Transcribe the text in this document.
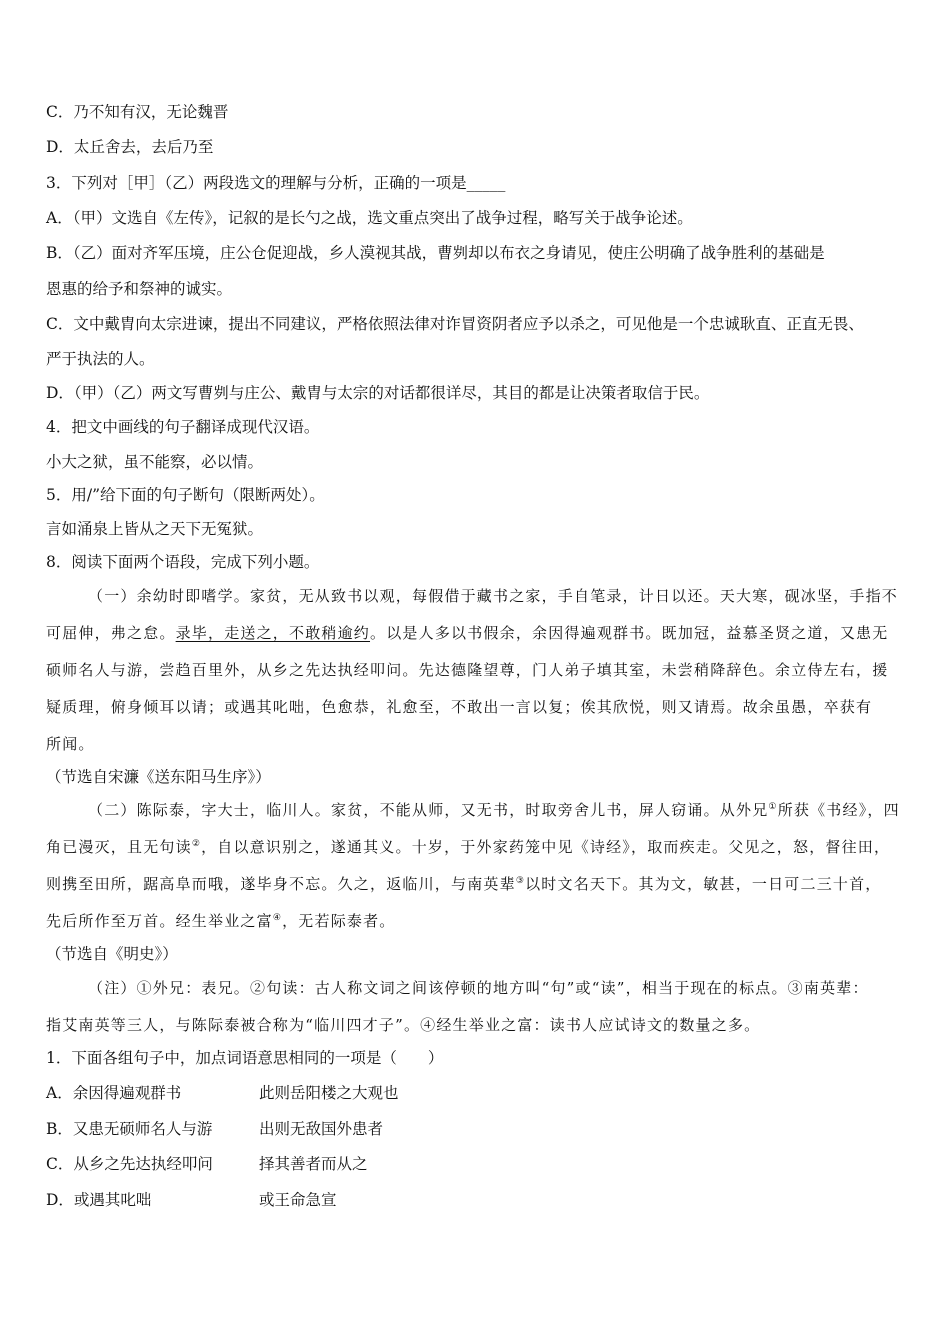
C．乃不知有汉，无论魏晋
D．太丘舍去，去后乃至
3．下列对［甲］（乙）两段选文的理解与分析，正确的一项是_____
A．（甲）文选自《左传》，记叙的是长勺之战，选文重点突出了战争过程，略写关于战争论述。
B．（乙）面对齐军压境，庄公仓促迎战，乡人漠视其战，曹刿却以布衣之身请见，使庄公明确了战争胜利的基础是
恩惠的给予和祭神的诚实。
C．文中戴胄向太宗进谏，提出不同建议，严格依照法律对诈冒资阴者应予以杀之，可见他是一个忠诚耿直、正直无畏、
严于执法的人。
D．（甲）（乙）两文写曹刿与庄公、戴胄与太宗的对话都很详尽，其目的都是让决策者取信于民。
4．把文中画线的句子翻译成现代汉语。
小大之狱，虽不能察，必以情。
5．用/”给下面的句子断句（限断两处）。
言如涌泉上皆从之天下无冤狱。
8．阅读下面两个语段，完成下列小题。
（一）余幼时即嗜学。家贫，无从致书以观，每假借于藏书之家，手自笔录，计日以还。天大寒，砚冰坚，手指不
可屈伸，弗之怠。录毕，走送之，不敢稍逾约。以是人多以书假余，余因得遍观群书。既加冠，益慕圣贤之道，又患无
硕师名人与游，尝趋百里外，从乡之先达执经叩问。先达德隆望尊，门人弟子填其室，未尝稍降辞色。余立侍左右，援
疑质理，俯身倾耳以请；或遇其叱咄，色愈恭，礼愈至，不敢出一言以复；俟其欣悦，则又请焉。故余虽愚，卒获有
所闻。
（节选自宋濂《送东阳马生序》）
（二）陈际泰，字大士，临川人。家贫，不能从师，又无书，时取旁舍儿书，屏人窃诵。从外兄①所获《书经》，四
角已漫灭，且无句读②，自以意识别之，遂通其义。十岁，于外家药笼中见《诗经》，取而疾走。父见之，怒，督往田，
则携至田所，踞高阜而哦，遂毕身不忘。久之，返临川，与南英辈③以时文名天下。其为文，敏甚，一日可二三十首，
先后所作至万首。经生举业之富④，无若际泰者。
（节选自《明史》）
（注）①外兄：表兄。②句读：古人称文词之间该停顿的地方叫“句”或“读”，相当于现在的标点。③南英辈：
指艾南英等三人，与陈际泰被合称为“临川四才子”。④经生举业之富：读书人应试诗文的数量之多。
1．下面各组句子中，加点词语意思相同的一项是（　　）
A．余因得遍观群书	此则岳阳楼之大观也
B．又患无硕师名人与游	出则无敌国外患者
C．从乡之先达执经叩问	择其善者而从之
D．或遇其叱咄	或王命急宣
